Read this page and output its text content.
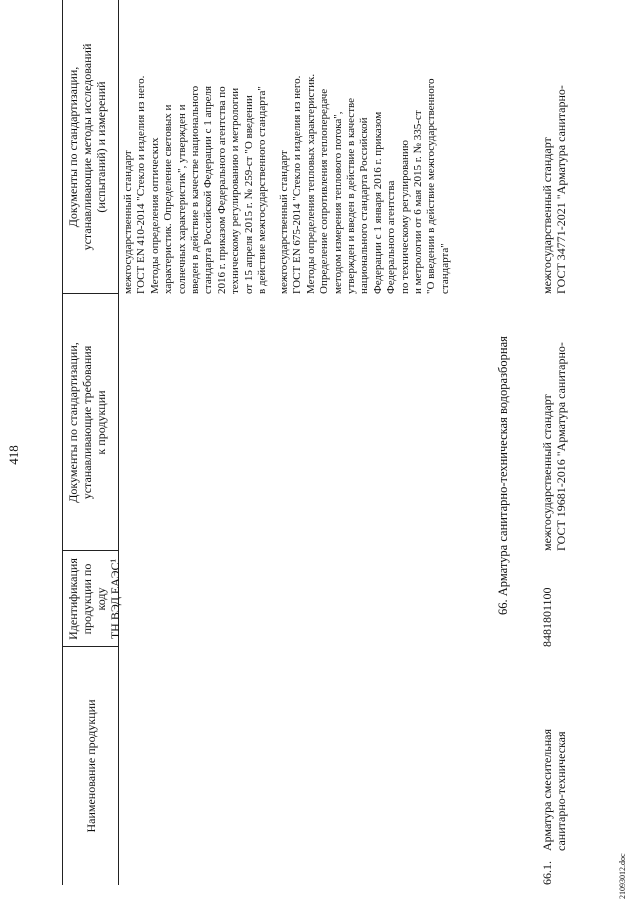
418
Наименование продукции
Идентификация
продукции по коду
ТН ВЭД ЕАЭС¹
Документы по стандартизации,
устанавливающие требования
к продукции
Документы по стандартизации,
устанавливающие методы исследований
(испытаний) и измерений
межгосударственный стандарт
ГОСТ EN 410-2014 "Стекло и изделия из него.
Методы определения оптических
характеристик. Определение световых и
солнечных характеристик", утвержден и
введен в действие в качестве национального
стандарта Российской Федерации с 1 апреля
2016 г. приказом Федерального агентства по
техническому регулированию и метрологии
от 15 апреля 2015 г. № 259-ст "О введении
в действие межгосударственного стандарта"
межгосударственный стандарт
ГОСТ EN 675-2014 "Стекло и изделия из него.
Методы определения тепловых характеристик.
Определение сопротивления теплопередаче
методом измерения теплового потока",
утвержден и введен в действие в качестве
национального стандарта Российской
Федерации с 1 января 2016 г. приказом
Федерального агентства
по техническому регулированию
и метрологии от 6 мая 2015 г. № 335-ст
"О введении в действие межгосударственного
стандарта"
66. Арматура санитарно-техническая водоразборная
66.1.
Арматура смесительная
санитарно-техническая
8481801100
межгосударственный стандарт
ГОСТ 19681-2016 "Арматура санитарно-
межгосударственный стандарт
ГОСТ 34771-2021 "Арматура санитарно-
21093012.doc
